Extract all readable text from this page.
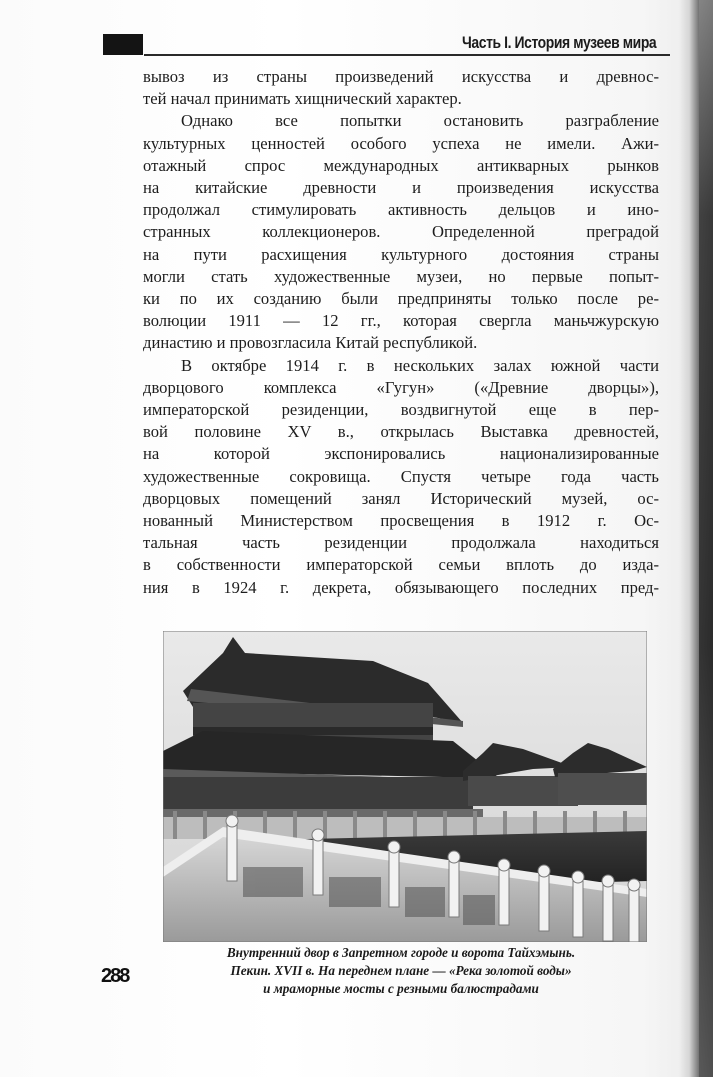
Часть I. История музеев мира
вывоз из страны произведений искусства и древнос-
тей начал принимать хищнический характер.
Однако все попытки остановить разграбление
культурных ценностей особого успеха не имели. Ажи-
отажный спрос международных антикварных рынков
на китайские древности и произведения искусства
продолжал стимулировать активность дельцов и ино-
странных коллекционеров. Определенной преградой
на пути расхищения культурного достояния страны
могли стать художественные музеи, но первые попыт-
ки по их созданию были предприняты только после ре-
волюции 1911 — 12 гг., которая свергла маньчжурскую
династию и провозгласила Китай республикой.
В октябре 1914 г. в нескольких залах южной части
дворцового комплекса «Гугун» («Древние дворцы»),
императорской резиденции, воздвигнутой еще в пер-
вой половине XV в., открылась Выставка древностей,
на которой экспонировались национализированные
художественные сокровища. Спустя четыре года часть
дворцовых помещений занял Исторический музей, ос-
нованный Министерством просвещения в 1912 г. Ос-
тальная часть резиденции продолжала находиться
в собственности императорской семьи вплоть до изда-
ния в 1924 г. декрета, обязывающего последних пред-
Внутренний двор в Запретном городе и ворота Тайхэмынь.
Пекин. XVII в. На переднем плане — «Река золотой воды»
и мраморные мосты с резными балюстрадами
288
